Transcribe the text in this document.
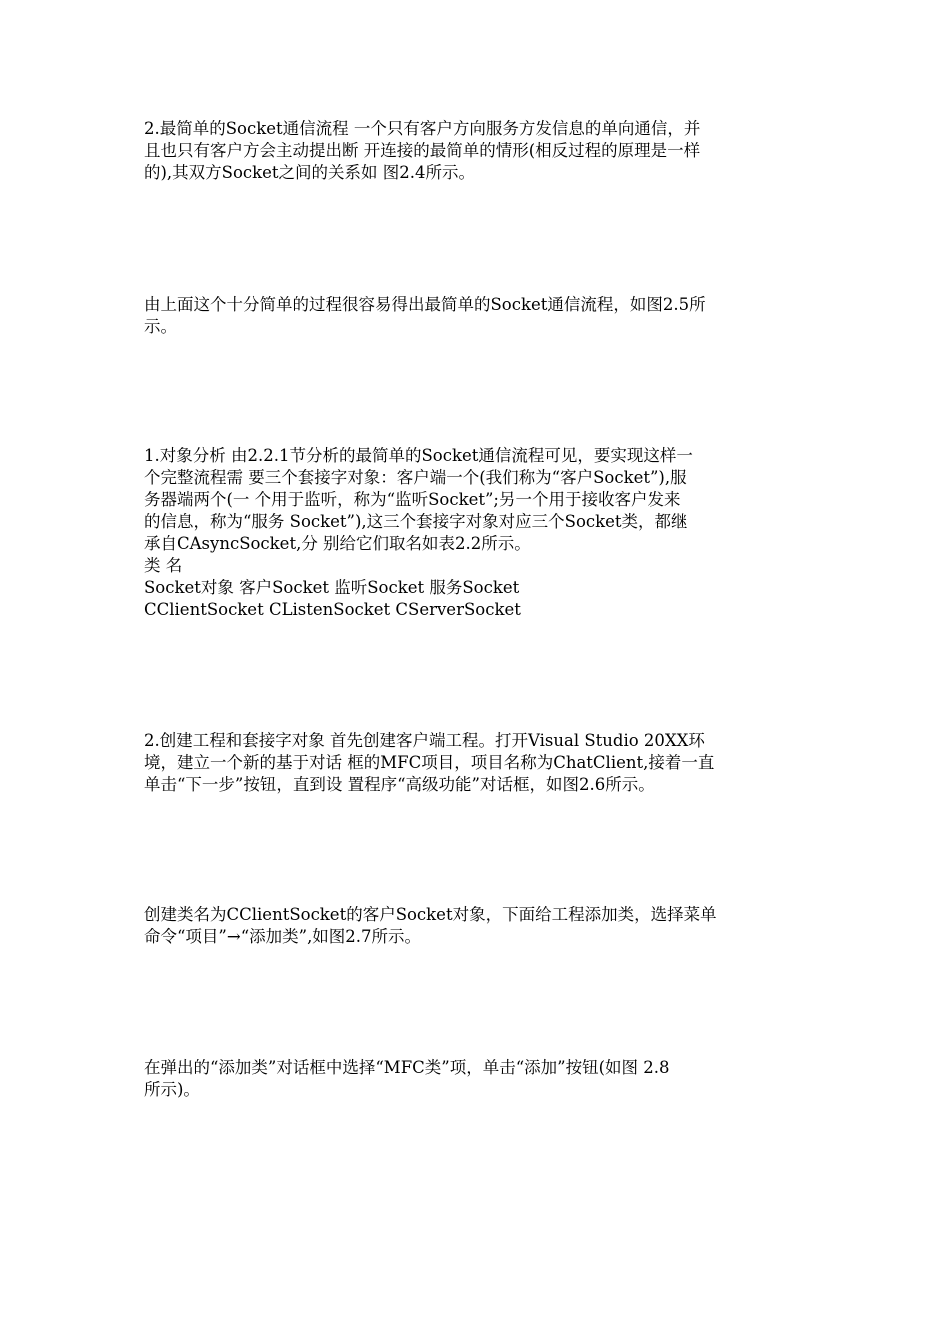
2.最简单的Socket通信流程 一个只有客户方向服务方发信息的单向通信，并
且也只有客户方会主动提出断 开连接的最简单的情形(相反过程的原理是一样
的),其双方Socket之间的关系如 图2.4所示。
由上面这个十分简单的过程很容易得出最简单的Socket通信流程，如图2.5所
示。
1.对象分析 由2.2.1节分析的最简单的Socket通信流程可见，要实现这样一
个完整流程需 要三个套接字对象：客户端一个(我们称为“客户Socket”),服
务器端两个(一 个用于监听，称为“监听Socket”;另一个用于接收客户发来
的信息，称为“服务 Socket”),这三个套接字对象对应三个Socket类，都继
承自CAsyncSocket,分 别给它们取名如表2.2所示。
类 名
Socket对象 客户Socket 监听Socket 服务Socket
CClientSocket CListenSocket CServerSocket
2.创建工程和套接字对象 首先创建客户端工程。打开Visual Studio 20XX环
境，建立一个新的基于对话 框的MFC项目，项目名称为ChatClient,接着一直
单击“下一步”按钮，直到设 置程序“高级功能”对话框，如图2.6所示。
创建类名为CClientSocket的客户Socket对象，下面给工程添加类，选择菜单
命令“项目”→“添加类”,如图2.7所示。
在弹出的“添加类”对话框中选择“MFC类”项，单击“添加”按钮(如图 2.8
所示)。
